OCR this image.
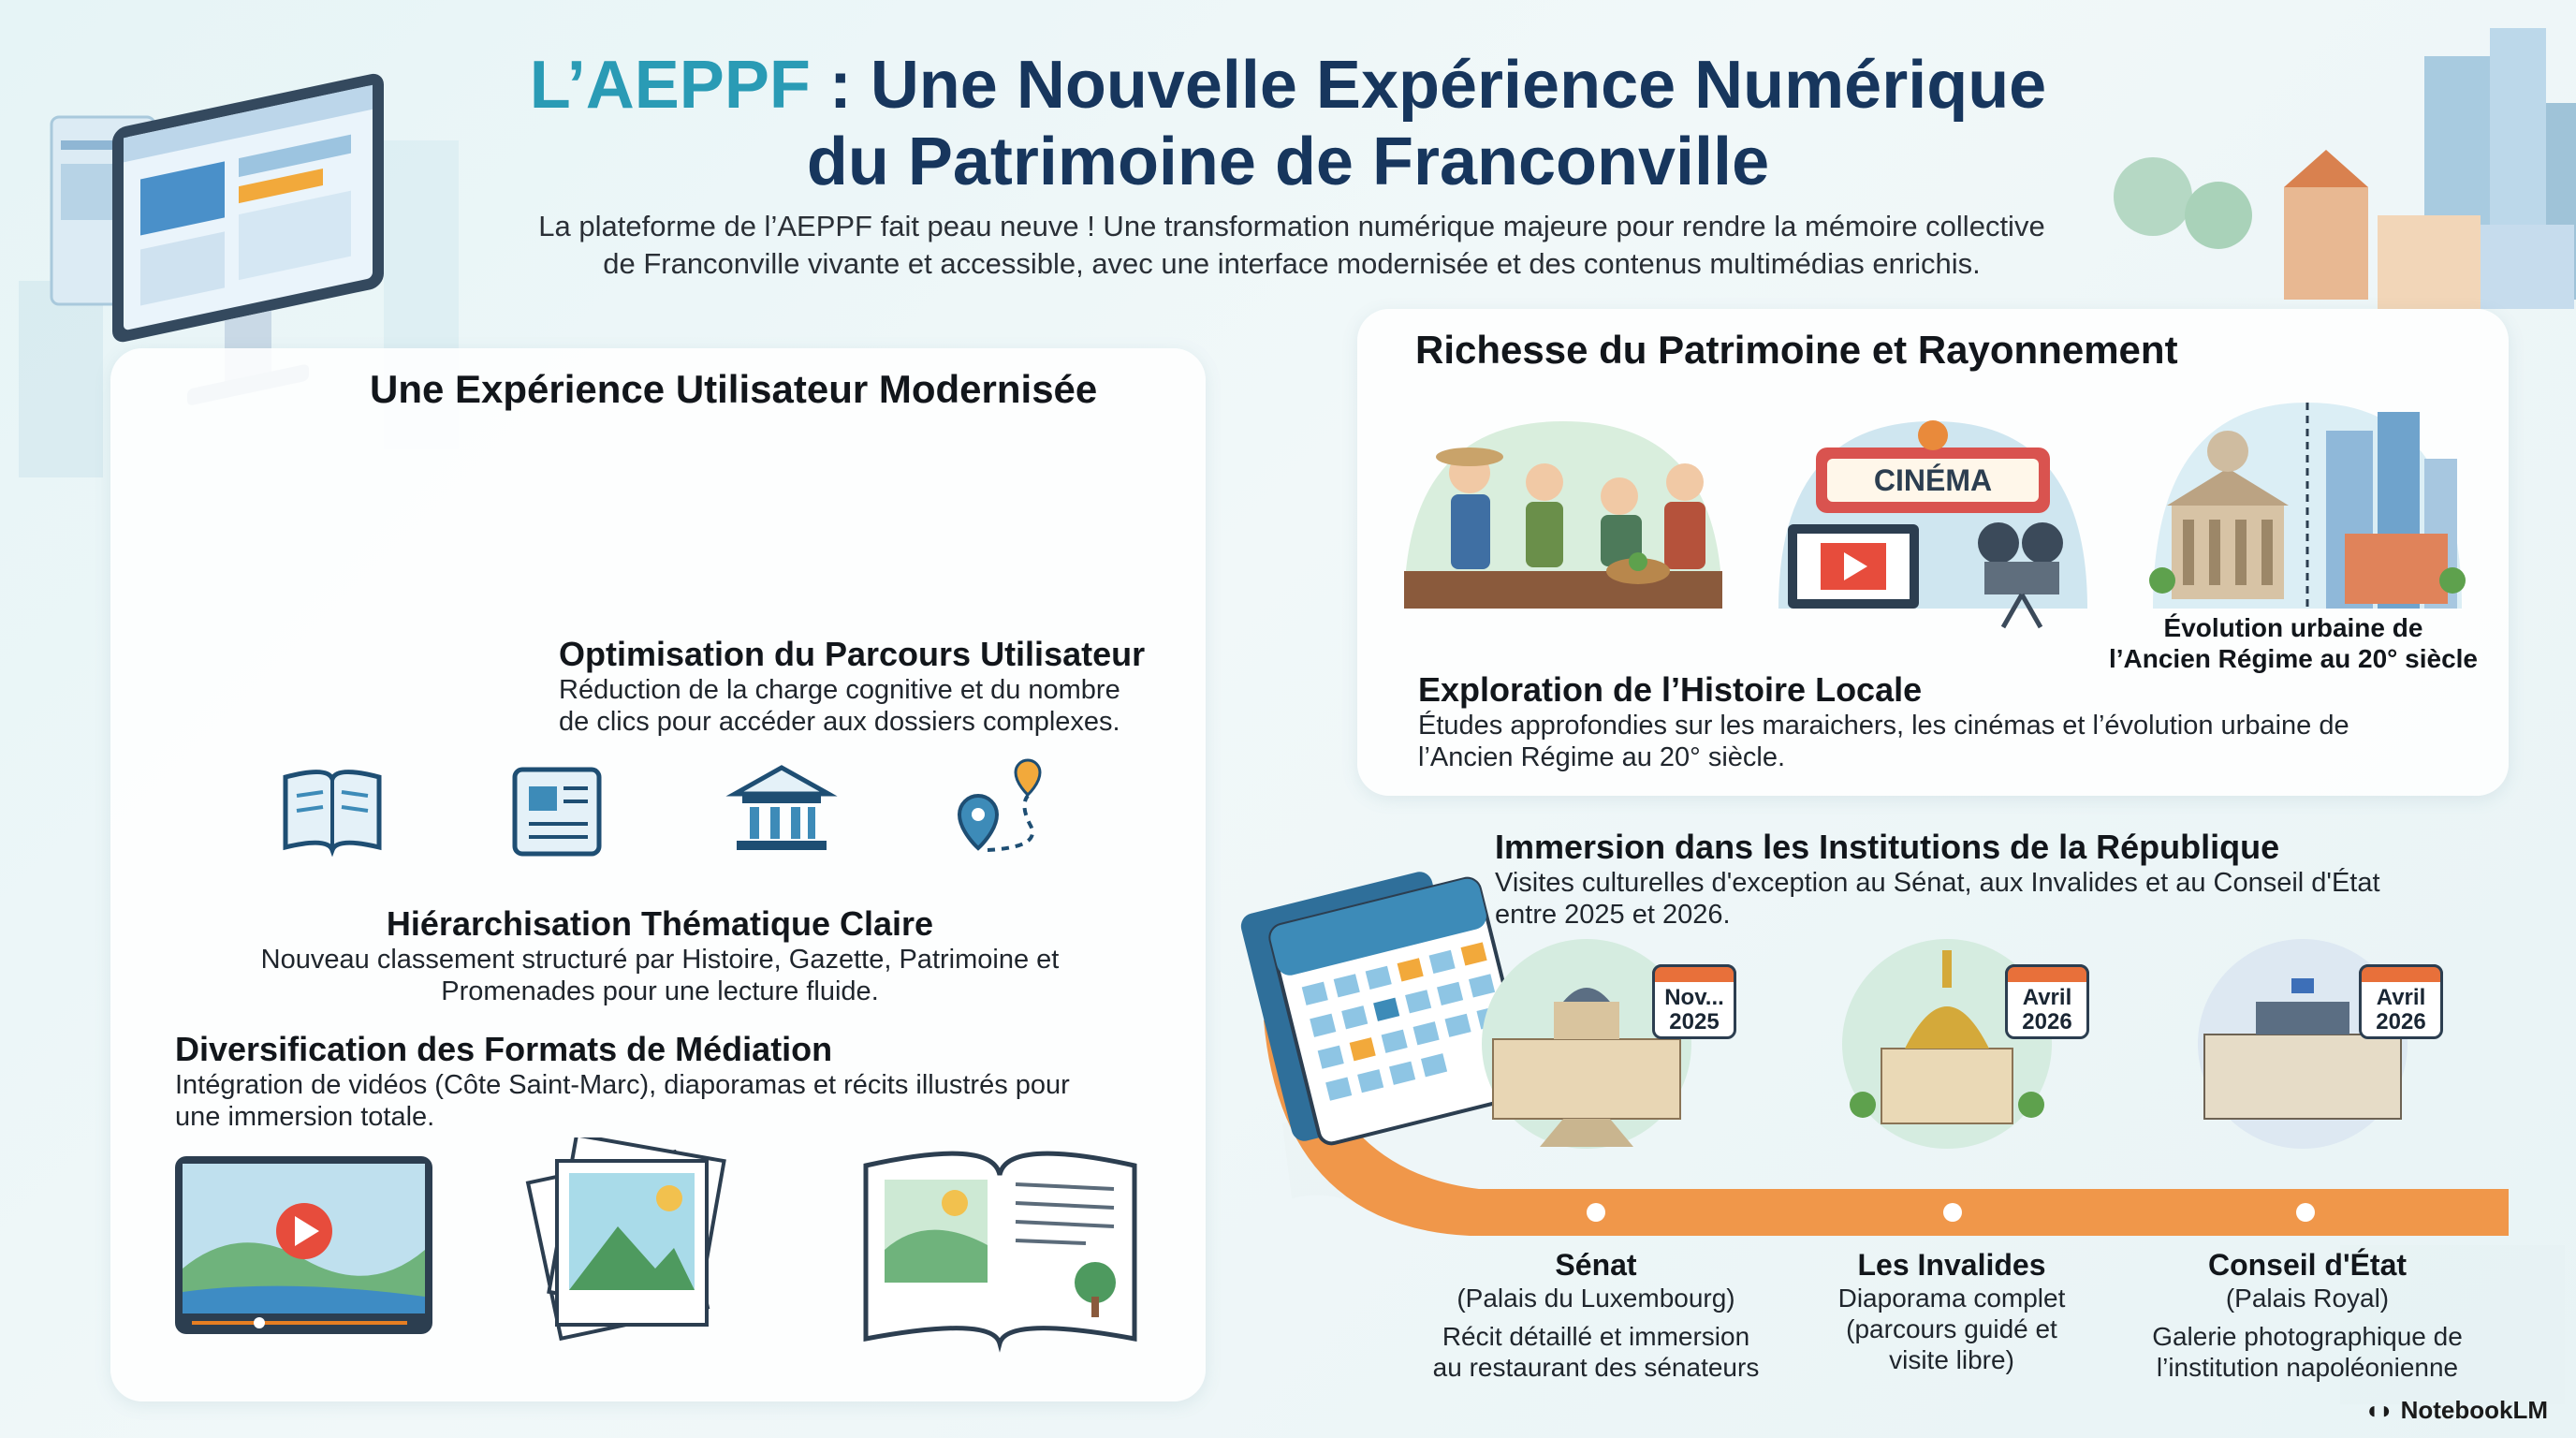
L’AEPPF : Une Nouvelle Expérience Numérique
du Patrimoine de Franconville
La plateforme de l’AEPPF fait peau neuve ! Une transformation numérique majeure pour rendre la mémoire collective
de Franconville vivante et accessible, avec une interface modernisée et des contenus multimédias enrichis.
Une Expérience Utilisateur Modernisée
Optimisation du Parcours Utilisateur
Réduction de la charge cognitive et du nombre
de clics pour accéder aux dossiers complexes.
Hiérarchisation Thématique Claire
Nouveau classement structuré par Histoire, Gazette, Patrimoine et
Promenades pour une lecture fluide.
Diversification des Formats de Médiation
Intégration de vidéos (Côte Saint-Marc), diaporamas et récits illustrés pour
une immersion totale.
Richesse du Patrimoine et Rayonnement
CINÉMA
Évolution urbaine de
l’Ancien Régime au 20° siècle
Exploration de l’Histoire Locale
Études approfondies sur les maraichers, les cinémas et l’évolution urbaine de
l’Ancien Régime au 20° siècle.
Immersion dans les Institutions de la République
Visites culturelles d'exception au Sénat, aux Invalides et au Conseil d'État
entre 2025 et 2026.
Nov...
2025
Avril
2026
Avril
2026
Sénat
(Palais du Luxembourg)
Récit détaillé et immersion
au restaurant des sénateurs
Les Invalides
Diaporama complet
(parcours guidé et
visite libre)
Conseil d'État
(Palais Royal)
Galerie photographique de
l’institution napoléonienne
◖◗ NotebookLM
